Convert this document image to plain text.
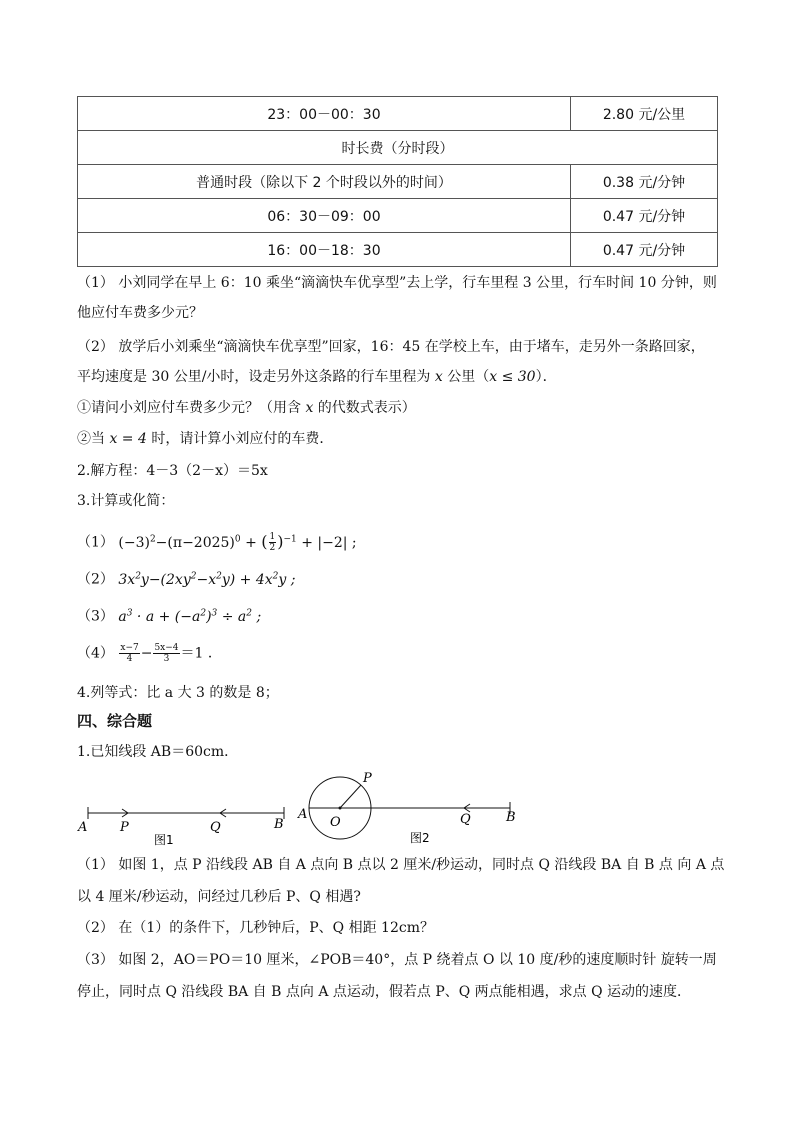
23：00－00：30	2.80 元/公里
时长费（分时段）	
普通时段（除以下 2 个时段以外的时间）	0.38 元/分钟
06：30－09：00	0.47 元/分钟
16：00－18：30	0.47 元/分钟
（1） 小刘同学在早上 6：10 乘坐“滴滴快车优享型”去上学，行车里程 3 公里，行车时间 10 分钟，则
他应付车费多少元？
（2） 放学后小刘乘坐“滴滴快车优享型”回家，16：45 在学校上车，由于堵车，走另外一条路回家，
平均速度是 30 公里/小时，设走另外这条路的行车里程为 x 公里（x ≤ 30）．
①请问小刘应付车费多少元？（用含 x 的代数式表示）
②当 x = 4 时，请计算小刘应付的车费．
2.解方程：4－3（2－x）＝5x
3.计算或化简：
（1） $(-3)^2-(\pi-2025)^0$ + ( $\frac{1}{2} )^{-1} + |-2|$ ;
（2） $3x^2y-(2xy^2-x^2y) + 4x^2y$ ;
（3） $a^3 \cdot a + (-a^2)^3 \div a^2$ ;
$(4) \frac{x-7}{4} - \frac{5x-4}{3} =1$ ．
4.列等式：比 a 大 3 的数是 8；
四、综合题
1.已知线段 AB＝60cm．
A	P	Q	B
图1
A
P
O	Q	B
图2
（1） 如图 1，点 P 沿线段 AB 自 A 点向 B 点以 2 厘米/秒运动，同时点 Q 沿线段 BA 自 B 点 向 A 点
以 4 厘米/秒运动，问经过几秒后 P、Q 相遇?
（2） 在（1）的条件下，几秒钟后，P、Q 相距 12cm？
（3） 如图 2，AO＝PO＝10 厘米，∠POB＝40°，点 P 绕着点 O 以 10 度/秒的速度顺时针 旋转一周
停止，同时点 Q 沿线段 BA 自 B 点向 A 点运动，假若点 P、Q 两点能相遇，求点 Q 运动的速度．
